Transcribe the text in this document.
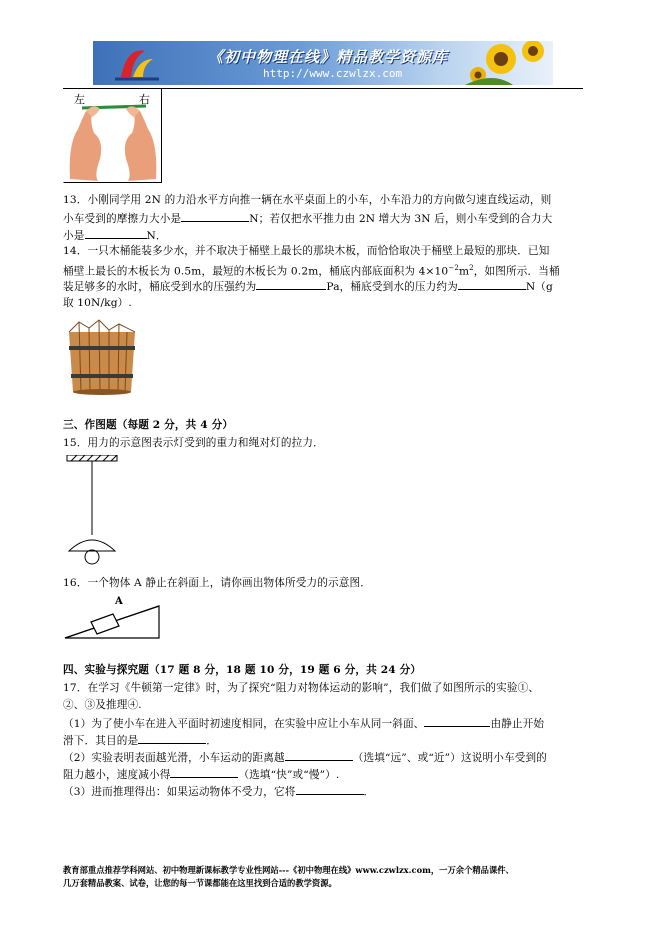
《初中物理在线》精品教学资源库
http://www.czwlzx.com
左	右
13．小刚同学用 2N 的力沿水平方向推一辆在水平桌面上的小车，小车沿力的方向做匀速直线运动，则
小车受到的摩擦力大小是	N；若仅把水平推力由 2N 增大为 3N 后，则小车受到的合力大
小是	N．
14．一只木桶能装多少水，并不取决于桶壁上最长的那块木板，而恰恰取决于桶壁上最短的那块．已知
桶壁上最长的木板长为 0.5m，最短的木板长为 0.2m，桶底内部底面积为 $4\times 10^{-2}m^2$，如图所示．当桶
装足够多的水时，桶底受到水的压强约为	Pa，桶底受到水的压力约为	N（g
取 10N/kg）.
三、作图题（每题 2 分，共 4 分）
15．用力的示意图表示灯受到的重力和绳对灯的拉力．
16．一个物体 A 静止在斜面上，请你画出物体所受力的示意图．
A
四、实验与探究题（17 题 8 分，18 题 10 分，19 题 6 分，共 24 分）
17．在学习《牛顿第一定律》时，为了探究“阻力对物体运动的影响”，我们做了如图所示的实验①、
②、③及推理④.
（1）为了使小车在进入平面时初速度相同，在实验中应让小车从同一斜面、	由静止开始
滑下．其目的是	．
（2）实验表明表面越光滑，小车运动的距离越	（选填“远”、或“近”）这说明小车受到的
阻力越小，速度减小得	（选填“快”或“慢”）.
（3）进而推理得出：如果运动物体不受力，它将	．
教育部重点推荐学科网站、初中物理新课标教学专业性网站---《初中物理在线》www.czwlzx.com，一万余个精品课件、
几万套精品教案、试卷，让您的每一节课都能在这里找到合适的教学资源。
